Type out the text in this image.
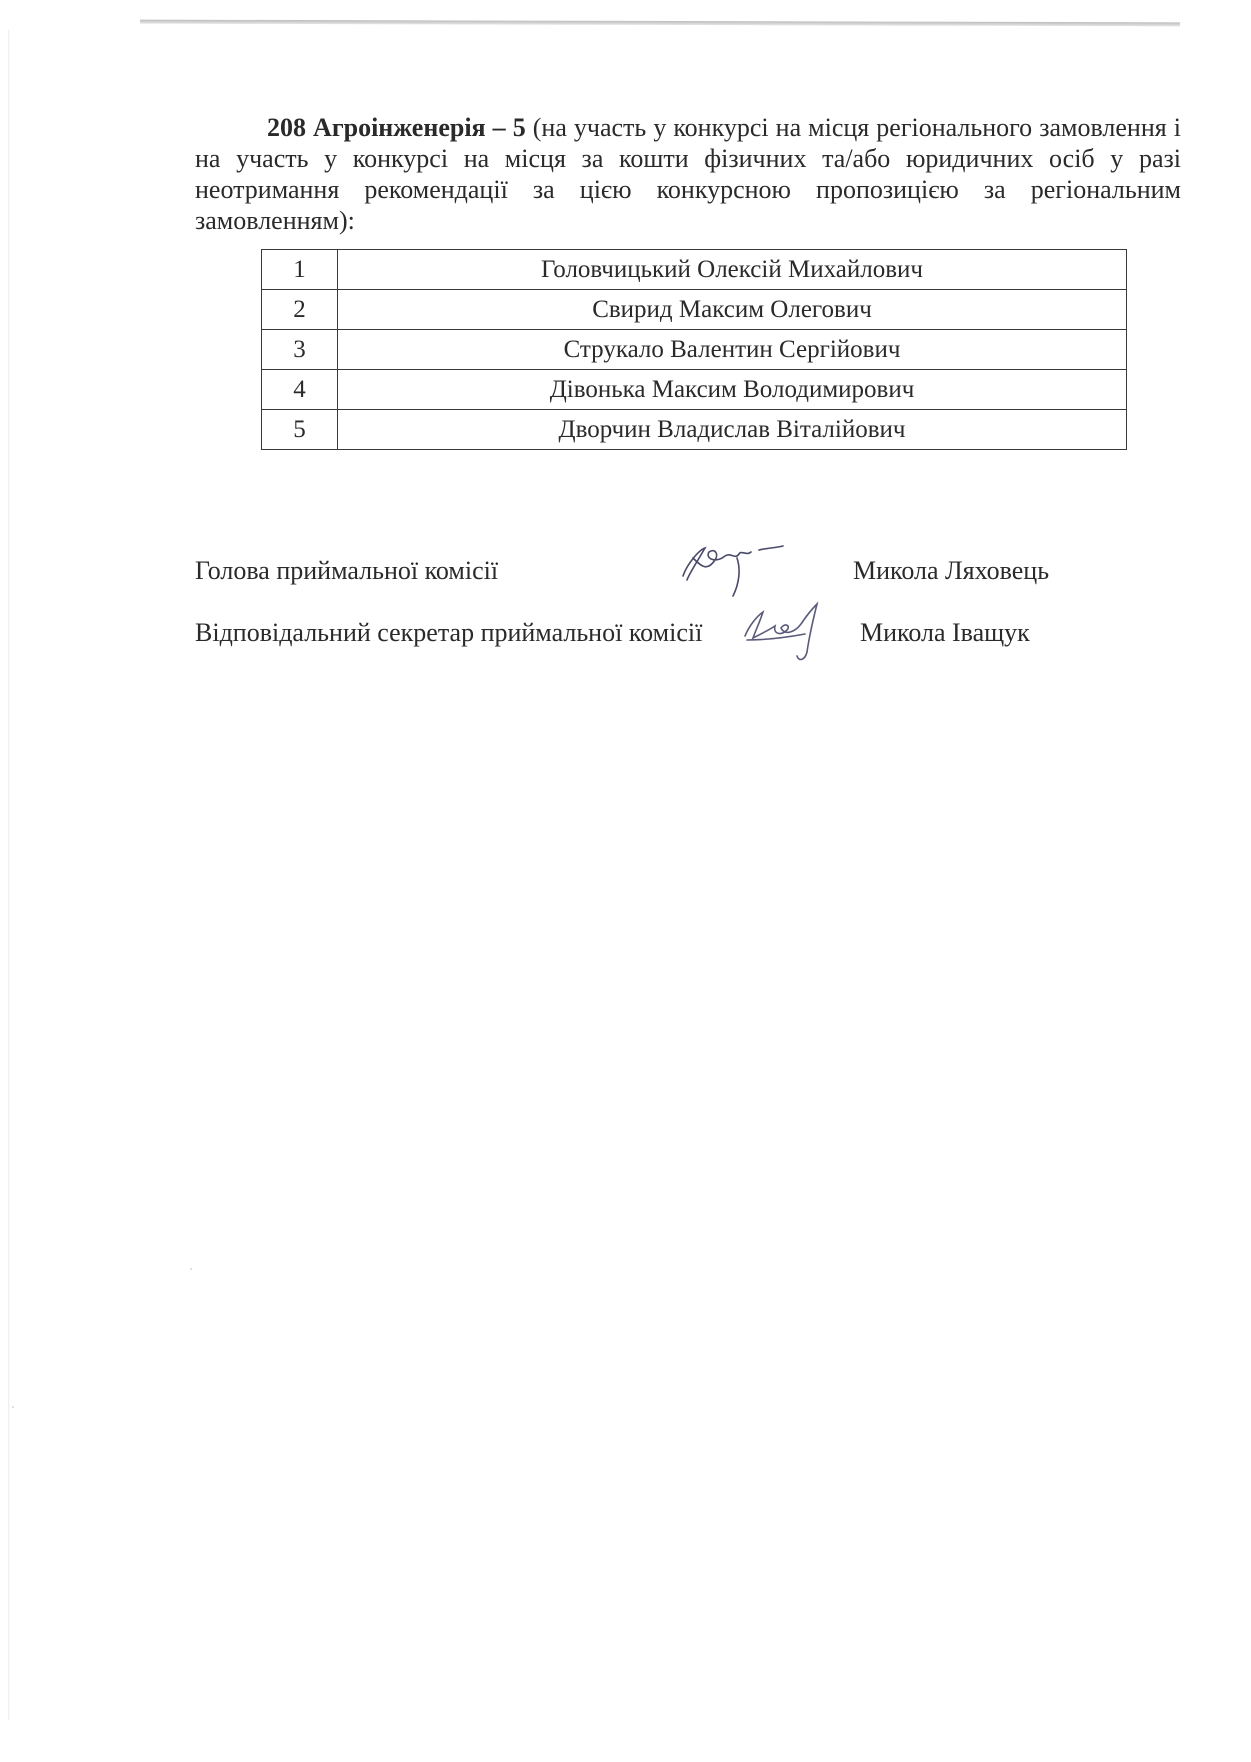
208 Агроінженерія – 5 (на участь у конкурсі на місця регіонального замовлення і на участь у конкурсі на місця за кошти фізичних та/або юридичних осіб у разі неотримання рекомендації за цією конкурсною пропозицією за регіональним замовленням):

1	Головчицький Олексій Михайлович
2	Свирид Максим Олегович
3	Струкало Валентин Сергійович
4	Дівонька Максим Володимирович
5	Дворчин Владислав Віталійович
Голова приймальної комісії	Микола Ляховець
Відповідальний секретар приймальної комісії	Микола Іващук
